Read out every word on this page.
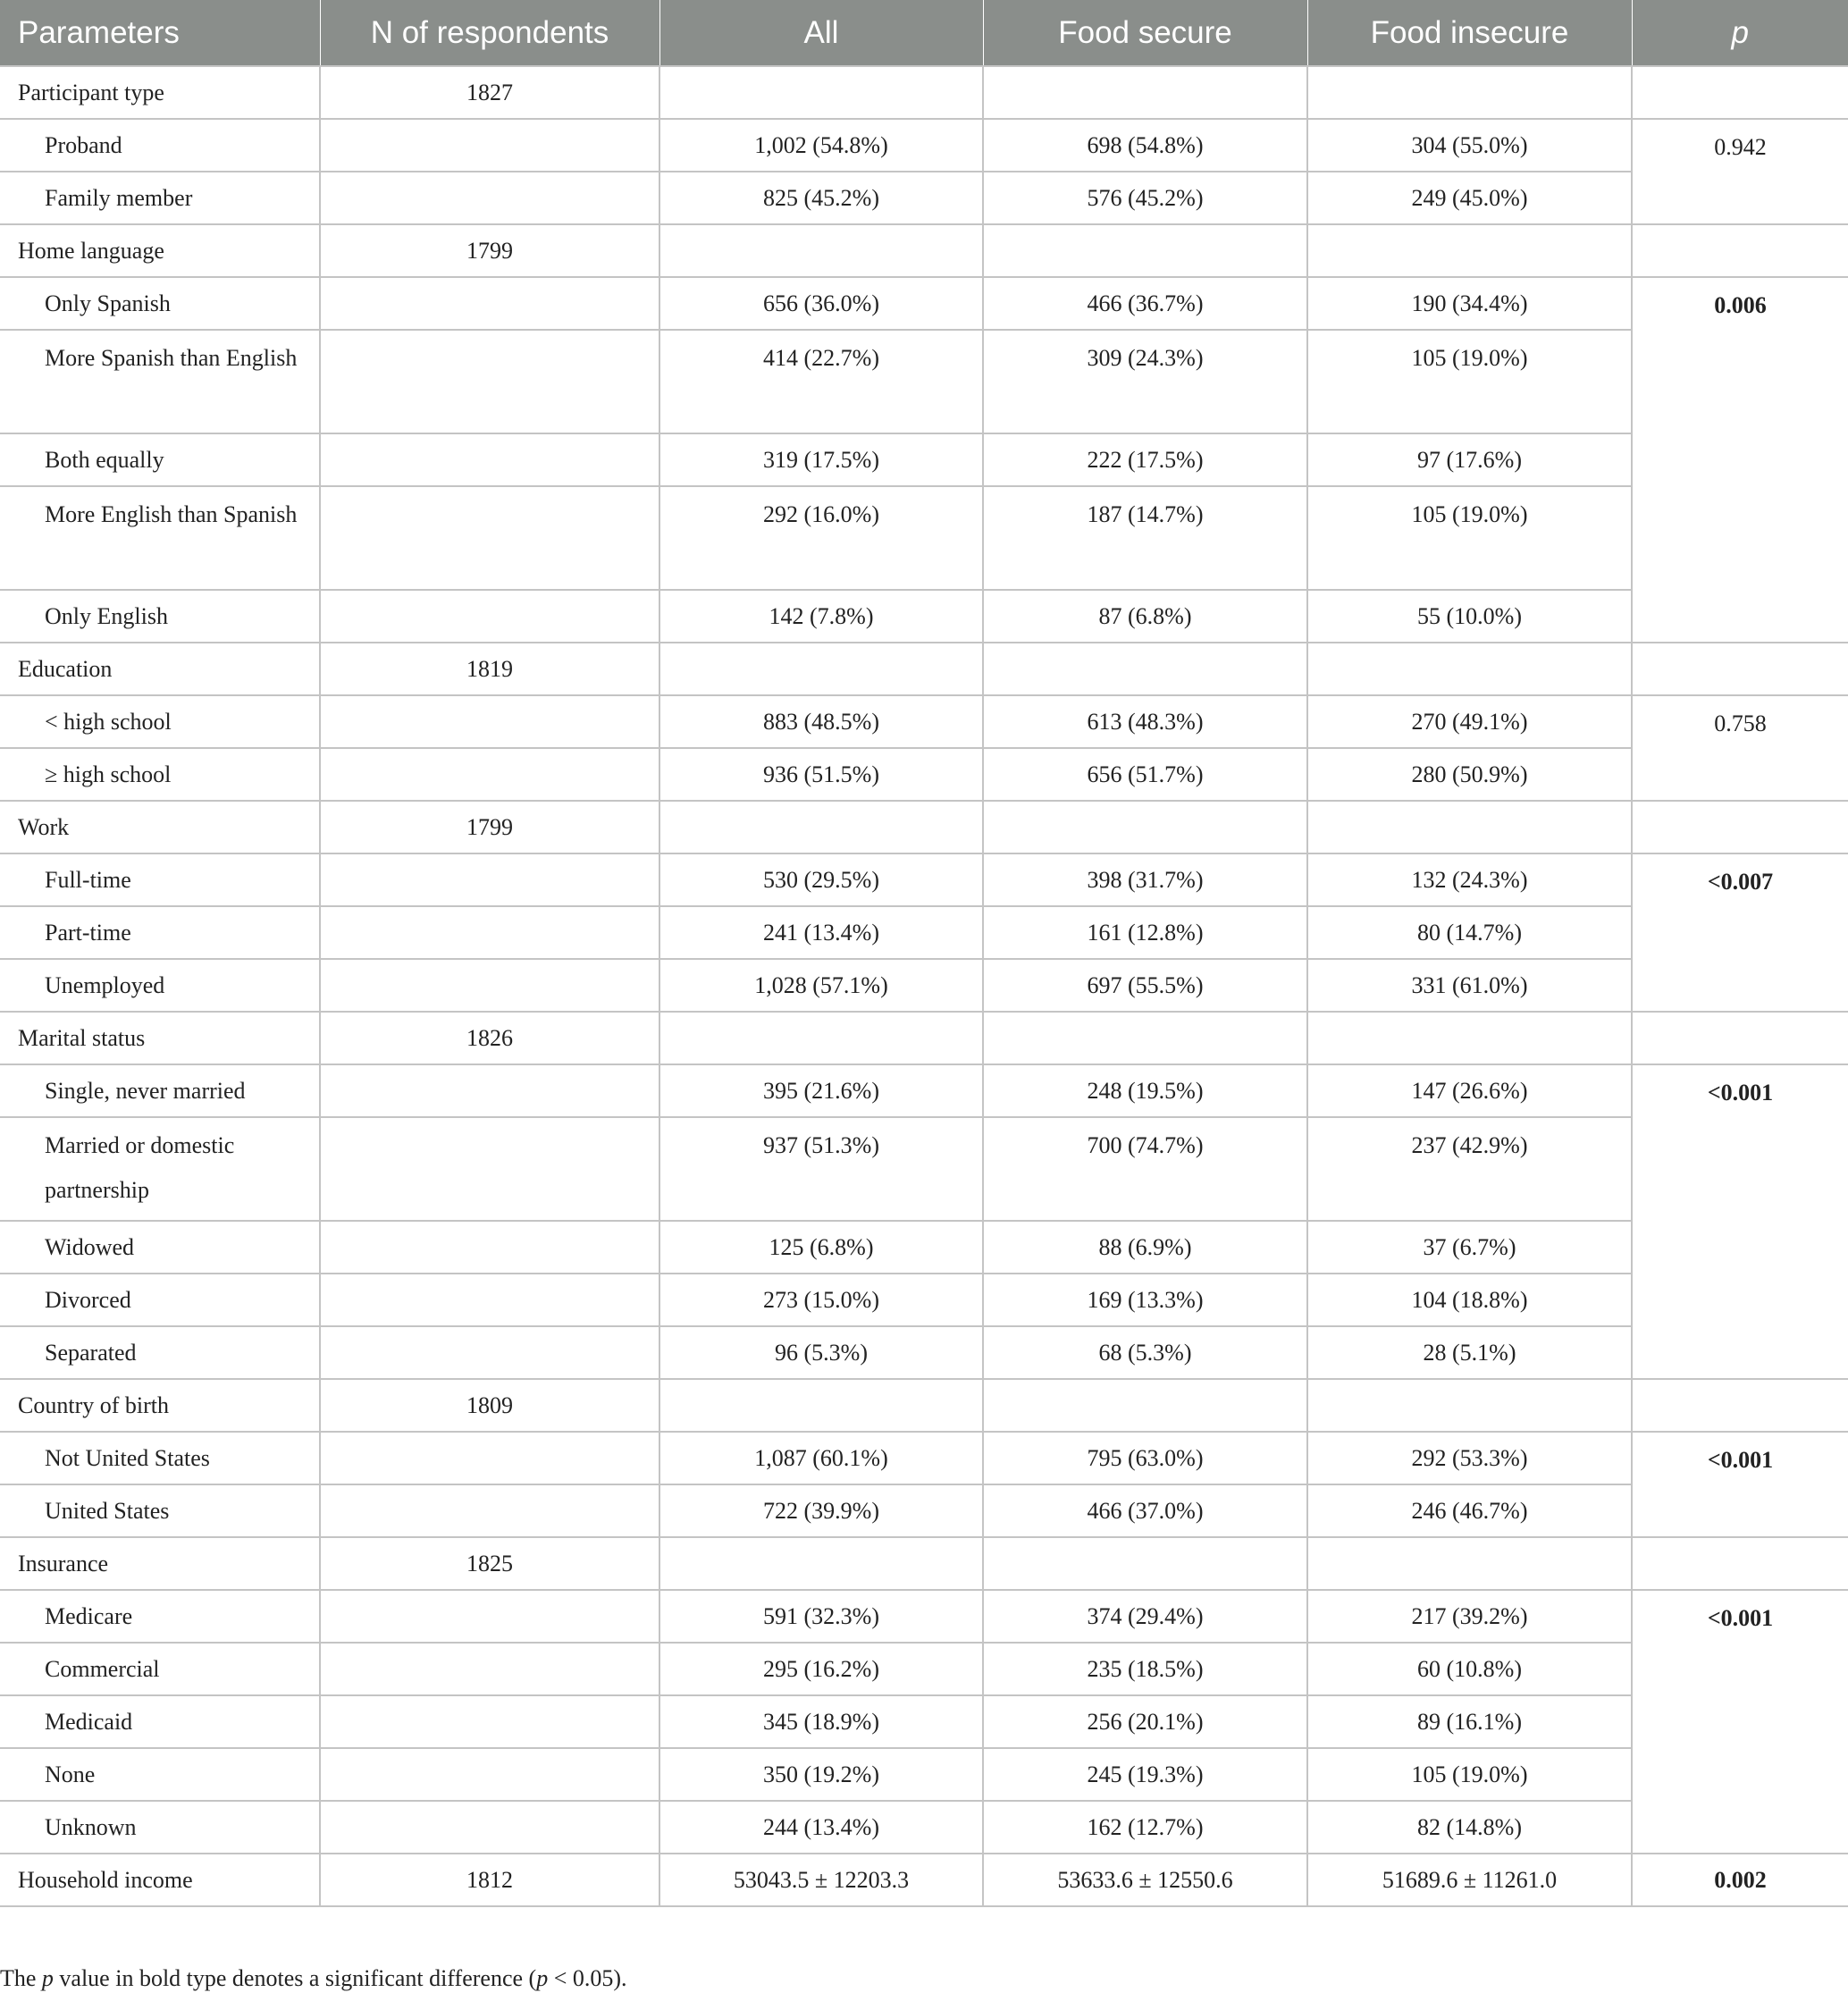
Parameters	N of respondents	All	Food secure	Food insecure	p
Participant type	1827				
Proband		1,002 (54.8%)	698 (54.8%)	304 (55.0%)	0.942
Family member		825 (45.2%)	576 (45.2%)	249 (45.0%)	
Home language	1799				
Only Spanish		656 (36.0%)	466 (36.7%)	190 (34.4%)	0.006
More Spanish than English		414 (22.7%)	309 (24.3%)	105 (19.0%)	
Both equally		319 (17.5%)	222 (17.5%)	97 (17.6%)	
More English than Spanish		292 (16.0%)	187 (14.7%)	105 (19.0%)	
Only English		142 (7.8%)	87 (6.8%)	55 (10.0%)	
Education	1819				
< high school		883 (48.5%)	613 (48.3%)	270 (49.1%)	0.758
≥ high school		936 (51.5%)	656 (51.7%)	280 (50.9%)	
Work	1799				
Full-time		530 (29.5%)	398 (31.7%)	132 (24.3%)	<0.007
Part-time		241 (13.4%)	161 (12.8%)	80 (14.7%)	
Unemployed		1,028 (57.1%)	697 (55.5%)	331 (61.0%)	
Marital status	1826				
Single, never married		395 (21.6%)	248 (19.5%)	147 (26.6%)	<0.001
Married or domestic partnership		937 (51.3%)	700 (74.7%)	237 (42.9%)	
Widowed		125 (6.8%)	88 (6.9%)	37 (6.7%)	
Divorced		273 (15.0%)	169 (13.3%)	104 (18.8%)	
Separated		96 (5.3%)	68 (5.3%)	28 (5.1%)	
Country of birth	1809				
Not United States		1,087 (60.1%)	795 (63.0%)	292 (53.3%)	<0.001
United States		722 (39.9%)	466 (37.0%)	246 (46.7%)	
Insurance	1825				
Medicare		591 (32.3%)	374 (29.4%)	217 (39.2%)	<0.001
Commercial		295 (16.2%)	235 (18.5%)	60 (10.8%)	
Medicaid		345 (18.9%)	256 (20.1%)	89 (16.1%)	
None		350 (19.2%)	245 (19.3%)	105 (19.0%)	
Unknown		244 (13.4%)	162 (12.7%)	82 (14.8%)	
Household income	1812	53043.5 ± 12203.3	53633.6 ± 12550.6	51689.6 ± 11261.0	0.002
The p value in bold type denotes a significant difference (p < 0.05).
